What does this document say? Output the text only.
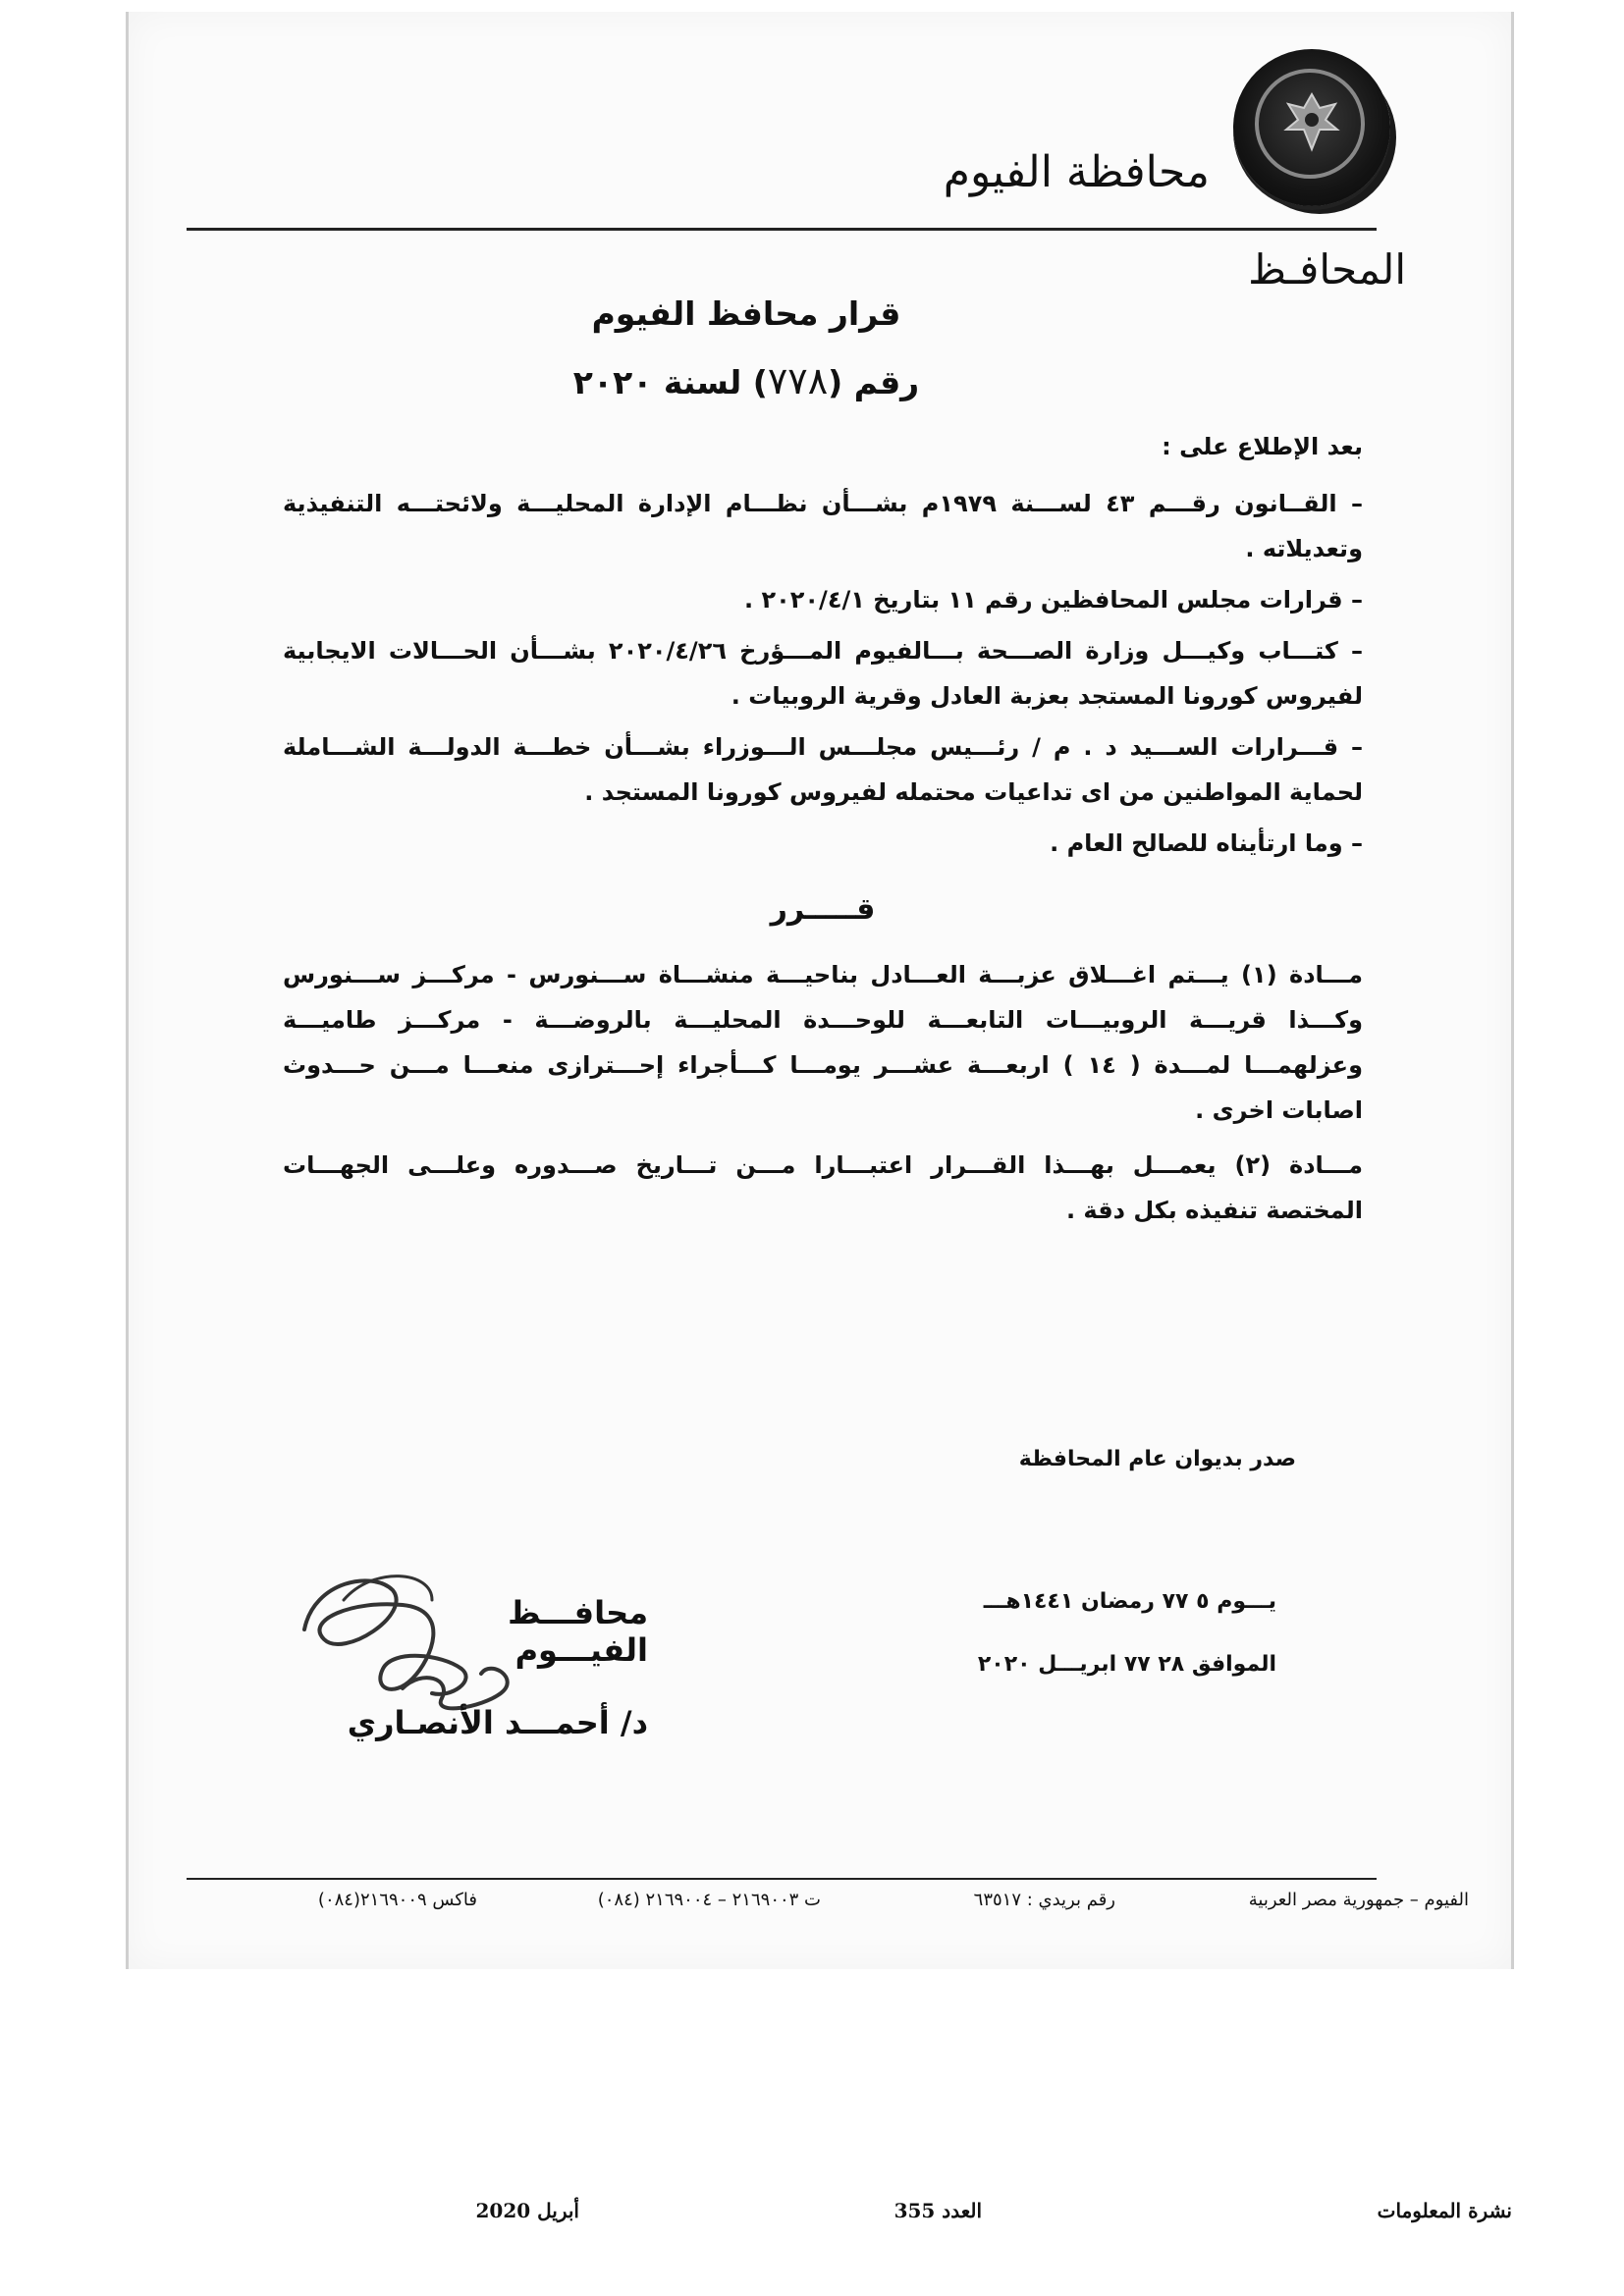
محافظة الفيوم
المحافـظ
قرار محافظ الفيوم
رقم (٧٧٨) لسنة ٢٠٢٠

بعد الإطلاع على :

– القــانون رقـــم ٤٣ لســـنة ١٩٧٩م بشـــأن نظـــام الإدارة المحليـــة ولائحتـــه التنفيذية وتعديلاته .

– قرارات مجلس المحافظين رقم ١١ بتاريخ ٢٠٢٠/٤/١ .

– كتـــاب وكيـــل وزارة الصـــحة بـــالفيوم المـــؤرخ ٢٠٢٠/٤/٢٦ بشـــأن الحـــالات الايجابية لفيروس كورونا المستجد بعزبة العادل وقرية الروبيات .

– قـــرارات الســـيد د . م / رئـــيس مجلـــس الـــوزراء بشـــأن خطـــة الدولـــة الشـــاملة لحماية المواطنين من اى تداعيات محتمله لفيروس كورونا المستجد .

– وما ارتأيناه للصالح العام .

قـــــرر

مـــادة (١) يـــتم اغـــلاق عزبـــة العـــادل بناحيـــة منشـــاة ســـنورس - مركـــز ســـنورس وكـــذا قريـــة الروبيـــات التابعـــة للوحـــدة المحليـــة بالروضـــة - مركـــز طاميـــة وعزلهمـــا لمـــدة ( ١٤ ) اربعـــة عشـــر يومـــا كـــأجراء إحـــترازى منعـــا مـــن حـــدوث اصابات اخرى .

مـــادة (٢) يعمـــل بهـــذا القـــرار اعتبـــارا مـــن تـــاريخ صـــدوره وعلـــى الجهـــات المختصة تنفيذه بكل دقة .

صدر بديوان عام المحافظة
يـــوم ٥ ٧٧ رمضان ١٤٤١هـــ
الموافق ٢٨ ٧٧ ابريـــل ٢٠٢٠
محافـــظ الفيـــوم
د/ أحمـــد الأنصـاري
الفيوم – جمهورية مصر العربية
رقم بريدي : ٦٣٥١٧
ت ٢١٦٩٠٠٣ – ٢١٦٩٠٠٤ (٠٨٤)
فاكس ٢١٦٩٠٠٩(٠٨٤)
نشرة المعلومات
العدد 355
أبريل 2020
